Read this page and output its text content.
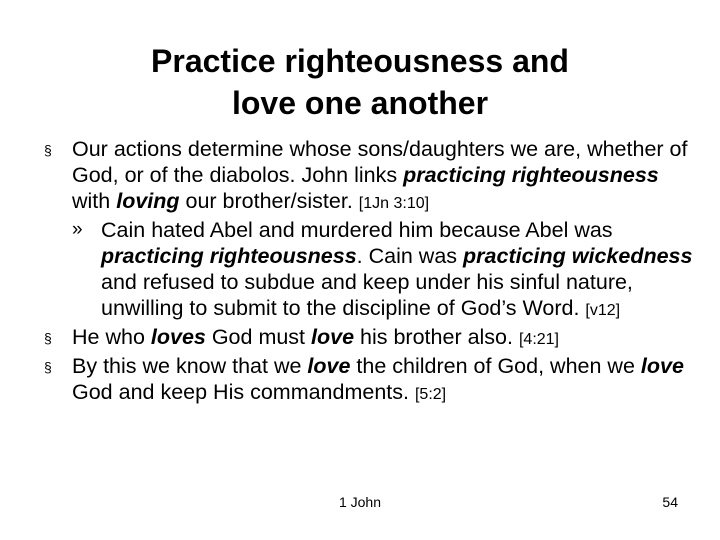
Practice righteousness and
love one another
§ Our actions determine whose sons/daughters we are, whether of God, or of the diabolos. John links practicing righteousness with loving our brother/sister. [1Jn 3:10]
» Cain hated Abel and murdered him because Abel was practicing righteousness. Cain was practicing wickedness and refused to subdue and keep under his sinful nature, unwilling to submit to the discipline of God’s Word. [v12]
§ He who loves God must love his brother also. [4:21]
§ By this we know that we love the children of God, when we love God and keep His commandments. [5:2]
1 John	54
